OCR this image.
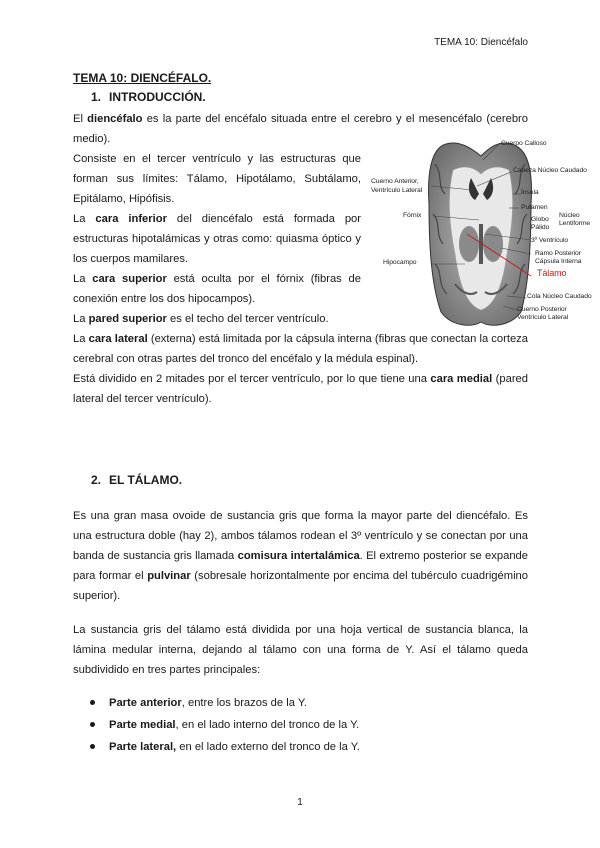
TEMA 10: Diencéfalo
TEMA 10: DIENCÉFALO.
1. INTRODUCCIÓN.

El diencéfalo es la parte del encéfalo situada entre el cerebro y el mesencéfalo (cerebro medio).

Consiste en el tercer ventrículo y las estructuras que forman sus límites: Tálamo, Hipotálamo, Subtálamo, Epitálamo, Hipófisis.

La cara inferior del diencéfalo está formada por estructuras hipotalámicas y otras como: quiasma óptico y los cuerpos mamilares.

La cara superior está oculta por el fórnix (fibras de conexión entre los dos hipocampos).

La pared superior es el techo del tercer ventrículo.

La cara lateral (externa) está limitada por la cápsula interna (fibras que conectan la corteza cerebral con otras partes del tronco del encéfalo y la médula espinal).

Está dividido en 2 mitades por el tercer ventrículo, por lo que tiene una cara medial (pared lateral del tercer ventrículo).

Cuerpo Calloso
Cabeza Núcleo Caudado
Cuerno Anterior,
Ventrículo Lateral	Ínsula
Putamen
Fórnix
Globo
Pálido
Núcleo
Lentiforme
3º Ventrículo
Ramo Posterior
Cápsula Interna
Hipocampo
Tálamo
Cola Núcleo Caudado
Cuerno Posterior
Ventrículo Lateral
2. EL TÁLAMO.

Es una gran masa ovoide de sustancia gris que forma la mayor parte del diencéfalo. Es una estructura doble (hay 2), ambos tálamos rodean el 3º ventrículo y se conectan por una banda de sustancia gris llamada comisura intertalámica. El extremo posterior se expande para formar el pulvinar (sobresale horizontalmente por encima del tubérculo cuadrigémino superior).

La sustancia gris del tálamo está dividida por una hoja vertical de sustancia blanca, la lámina medular interna, dejando al tálamo con una forma de Y. Así el tálamo queda subdividido en tres partes principales:

Parte anterior, entre los brazos de la Y.
Parte medial, en el lado interno del tronco de la Y.
Parte lateral, en el lado externo del tronco de la Y.
1
